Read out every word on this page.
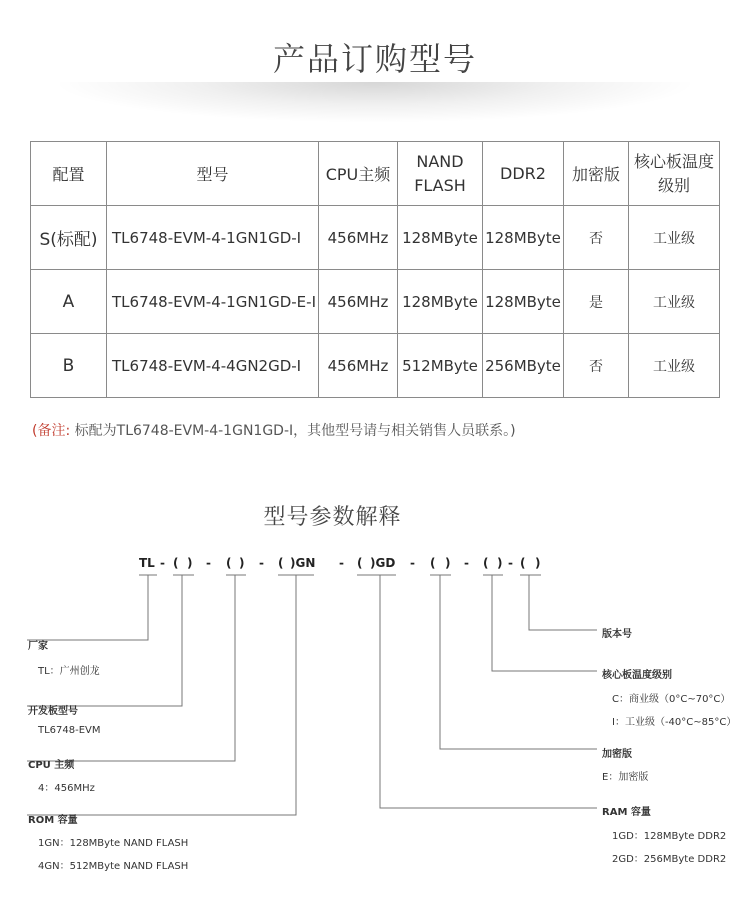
产品订购型号
配置	型号	CPU主频	NAND FLASH	DDR2	加密版	核心板温度级别
S(标配)	TL6748-EVM-4-1GN1GD-I	456MHz	128MByte	128MByte	否	工业级
A	TL6748-EVM-4-1GN1GD-E-I	456MHz	128MByte	128MByte	是	工业级
B	TL6748-EVM-4-4GN2GD-I	456MHz	512MByte	256MByte	否	工业级
(备注: 标配为TL6748-EVM-4-1GN1GD-I，其他型号请与相关销售人员联系。)
型号参数解释
TL - ( ) - ( ) - ( )GN - ( )GD - ( ) - ( ) - ( )
厂家
TL：广州创龙
开发板型号
TL6748-EVM
CPU 主频
4：456MHz
ROM 容量
1GN：128MByte NAND FLASH
4GN：512MByte NAND FLASH
版本号
核心板温度级别
C：商业级（0°C~70°C）
I：工业级（-40°C~85°C）
加密版
E：加密版
RAM 容量
1GD：128MByte DDR2
2GD：256MByte DDR2
